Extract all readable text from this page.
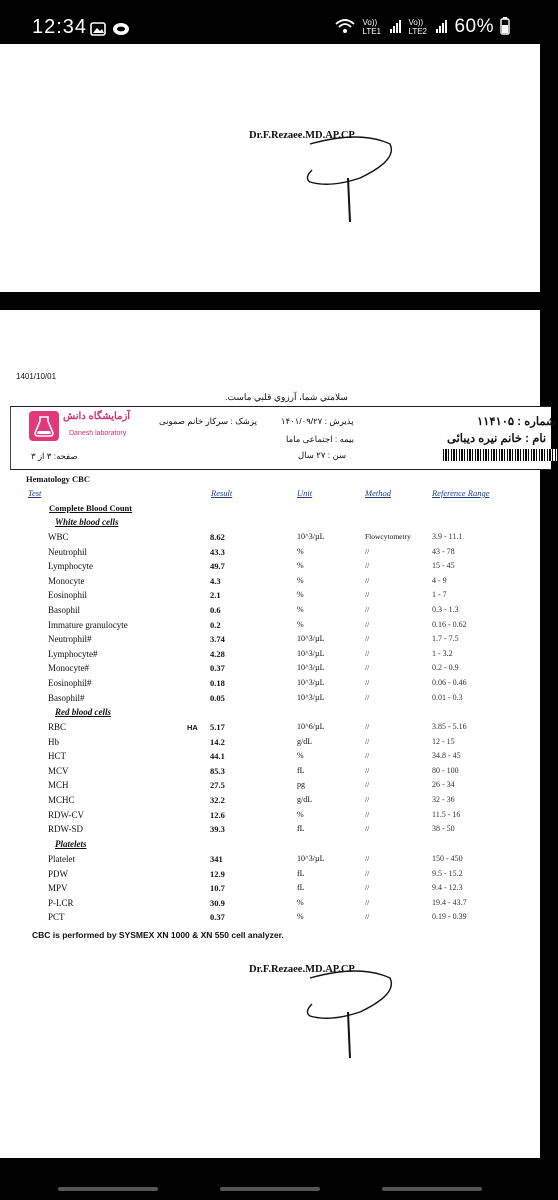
12:34	Vo)) LTE1
Vo)) LTE2 60%
Dr.F.Rezaee.MD.AP.CP
1401/10/01
سلامتي شما، آرزوي قلبي ماست.
آزمایشگاه دانش
Danesh laboratory
صفحه: ۳ از ۳
پزشک : سرکار خانم صمونی	پذیرش : ۱۴۰۱/۰۹/۲۷
بیمه : اجتماعی ماما
سن : ۲۷ سال
شماره : ۱۱۴۱۰۵
نام : خانم نیره دیبائی
Hematology CBC
Test	Result	Unit	Method	Reference Range
Complete Blood Count
White blood cells
WBC	8.62	10^3/µL	Flowcytometry	3.9 - 11.1
Neutrophil	43.3	%	//	43 - 78
Lymphocyte	49.7	%	//	15 - 45
Monocyte	4.3	%	//	4 - 9
Eosinophil	2.1	%	//	1 - 7
Basophil	0.6	%	//	0.3 - 1.3
Immature granulocyte	0.2	%	//	0.16 - 0.62
Neutrophil#	3.74	10^3/µL	//	1.7 - 7.5
Lymphocyte#	4.28	10^3/µL	//	1 - 3.2
Monocyte#	0.37	10^3/µL	//	0.2 - 0.9
Eosinophil#	0.18	10^3/µL	//	0.06 - 0.46
Basophil#	0.05	10^3/µL	//	0.01 - 0.3
Red blood cells
RBC	HA 5.17	10^6/µL	//	3.85 - 5.16
Hb	14.2	g/dL	//	12 - 15
HCT	44.1	%	//	34.8 - 45
MCV	85.3	fL	//	80 - 100
MCH	27.5	pg	//	26 - 34
MCHC	32.2	g/dL	//	32 - 36
RDW-CV	12.6	%	//	11.5 - 16
RDW-SD	39.3	fL	//	38 - 50
Platelets
Platelet	341	10^3/µL	//	150 - 450
PDW	12.9	fL	//	9.5 - 15.2
MPV	10.7	fL	//	9.4 - 12.3
P-LCR	30.9	%	//	19.4 - 43.7
PCT	0.37	%	//	0.19 - 0.39
CBC is performed by SYSMEX XN 1000 & XN 550 cell analyzer.
Dr.F.Rezaee.MD.AP.CP
